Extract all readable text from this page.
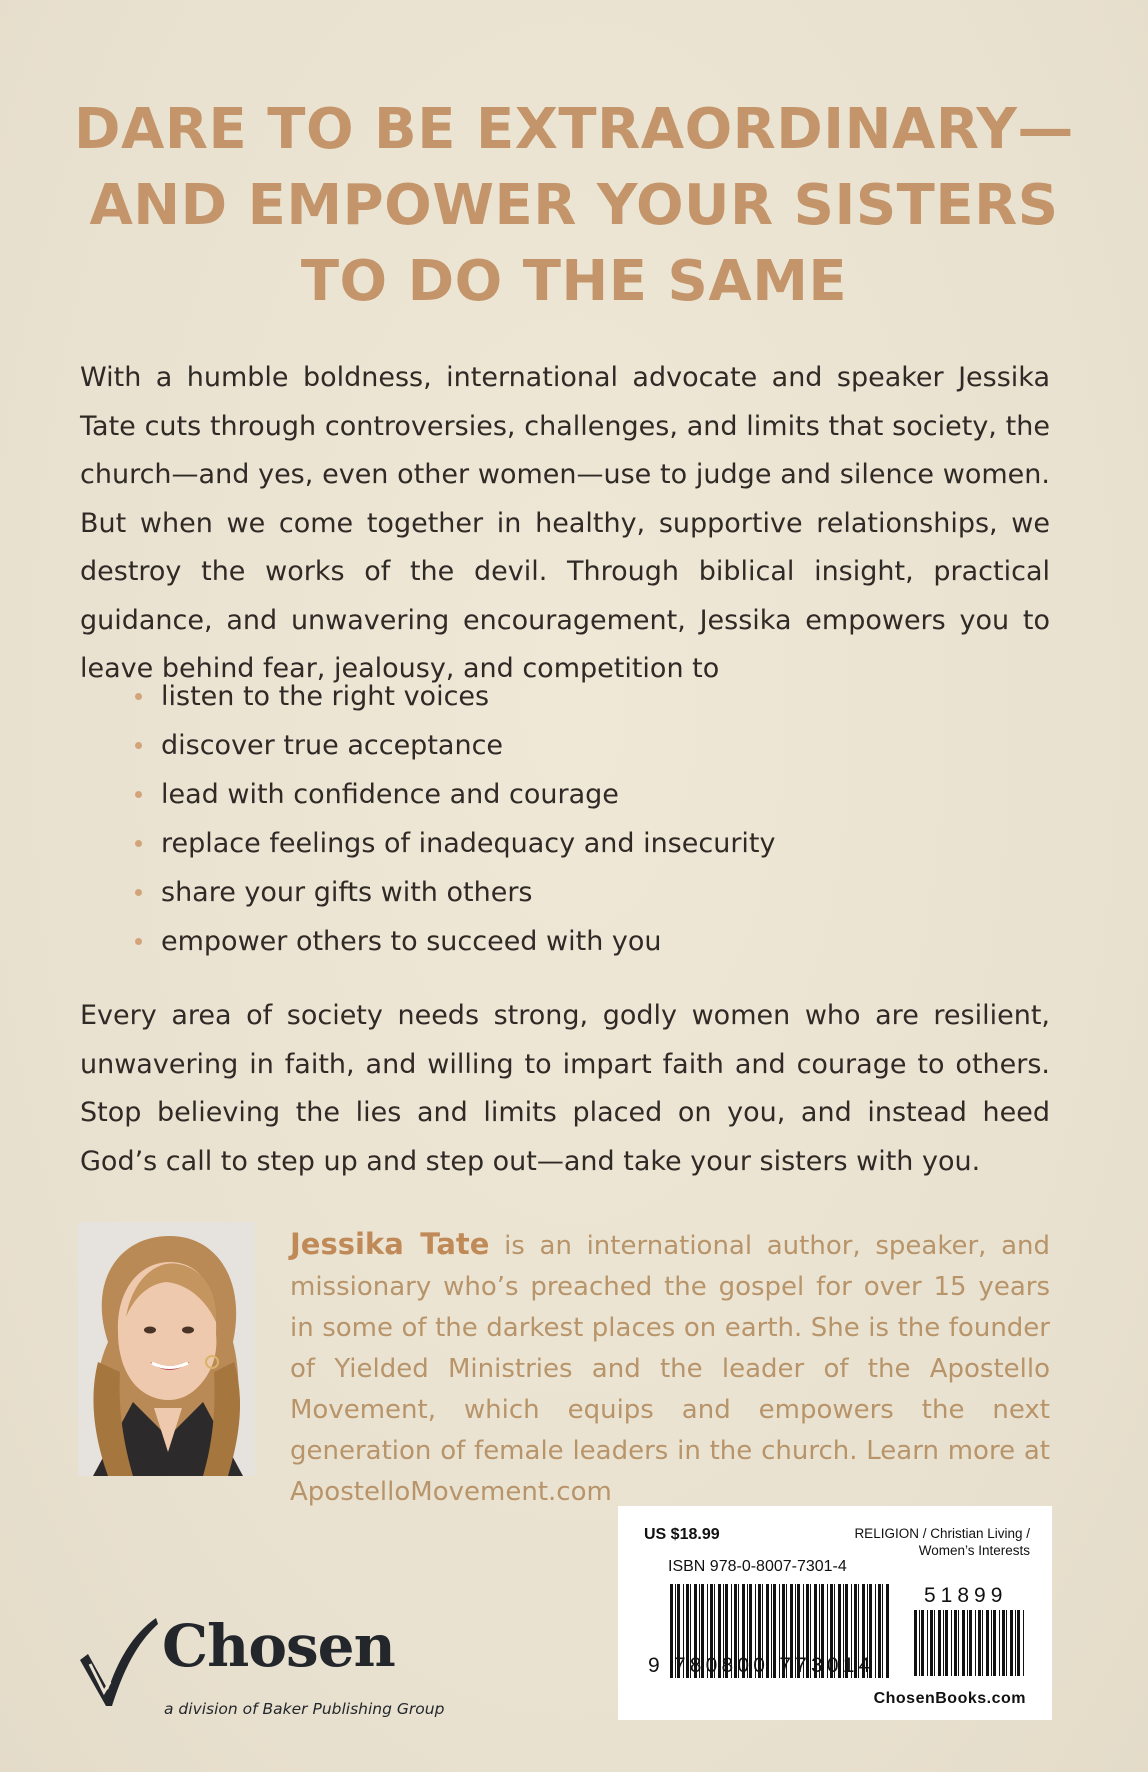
DARE TO BE EXTRAORDINARY—
AND EMPOWER YOUR SISTERS
TO DO THE SAME

With a humble boldness, international advocate and speaker Jessika Tate cuts through controversies, challenges, and limits that society, the church—and yes, even other women—use to judge and silence women. But when we come together in healthy, supportive relationships, we destroy the works of the devil. Through biblical insight, practical guidance, and unwavering encouragement, Jessika empowers you to leave behind fear, jealousy, and competition to

listen to the right voices
discover true acceptance
lead with confidence and courage
replace feelings of inadequacy and insecurity
share your gifts with others
empower others to succeed with you

Every area of society needs strong, godly women who are resilient, unwavering in faith, and willing to impart faith and courage to others. Stop believing the lies and limits placed on you, and instead heed God’s call to step up and step out—and take your sisters with you.

Jessika Tate is an international author, speaker, and missionary who’s preached the gospel for over 15 years in some of the darkest places on earth. She is the founder of Yielded Ministries and the leader of the Apostello Movement, which equips and empowers the next generation of female leaders in the church. Learn more at ApostelloMovement.com

Chosen
a division of Baker Publishing Group
US $18.99	RELIGION / Christian Living /
Women’s Interests
ISBN 978-0-8007-7301-4
51899
9 780800 773014
ChosenBooks.com
